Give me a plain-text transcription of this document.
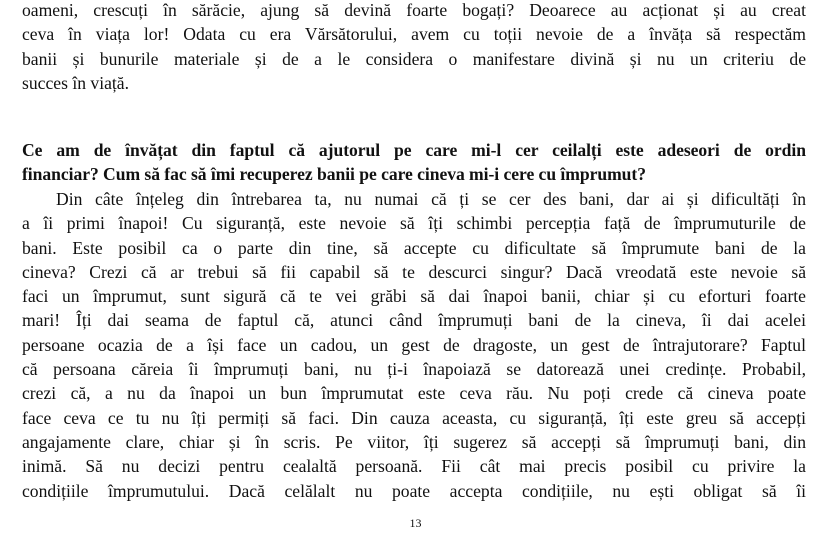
oameni, crescuți în sărăcie, ajung să devină foarte bogați? Deoarece au acționat și au creat
ceva în viața lor! Odata cu era Vărsătorului, avem cu toții nevoie de a învăța să respectăm
banii și bunurile materiale și de a le considera o manifestare divină și nu un criteriu de
succes în viață.

Ce am de învățat din faptul că ajutorul pe care mi-l cer ceilalți este adeseori de ordin
financiar? Cum să fac să îmi recuperez banii pe care cineva mi-i cere cu împrumut?

Din câte înțeleg din întrebarea ta, nu numai că ți se cer des bani, dar ai și dificultăți în
a îi primi înapoi! Cu siguranță, este nevoie să îți schimbi percepția față de împrumuturile de
bani. Este posibil ca o parte din tine, să accepte cu dificultate să împrumute bani de la
cineva? Crezi că ar trebui să fii capabil să te descurci singur? Dacă vreodată este nevoie să
faci un împrumut, sunt sigură că te vei grăbi să dai înapoi banii, chiar și cu eforturi foarte
mari! Îți dai seama de faptul că, atunci când împrumuți bani de la cineva, îi dai acelei
persoane ocazia de a își face un cadou, un gest de dragoste, un gest de întrajutorare? Faptul
că persoana căreia îi împrumuți bani, nu ți-i înapoiază se datorează unei credințe. Probabil,
crezi că, a nu da înapoi un bun împrumutat este ceva rău. Nu poți crede că cineva poate
face ceva ce tu nu îți permiți să faci. Din cauza aceasta, cu siguranță, îți este greu să accepți
angajamente clare, chiar și în scris. Pe viitor, îți sugerez să accepți să împrumuți bani, din
inimă. Să nu decizi pentru cealaltă persoană. Fii cât mai precis posibil cu privire la
condițiile împrumutului. Dacă celălalt nu poate accepta condițiile, nu ești obligat să îi

13
